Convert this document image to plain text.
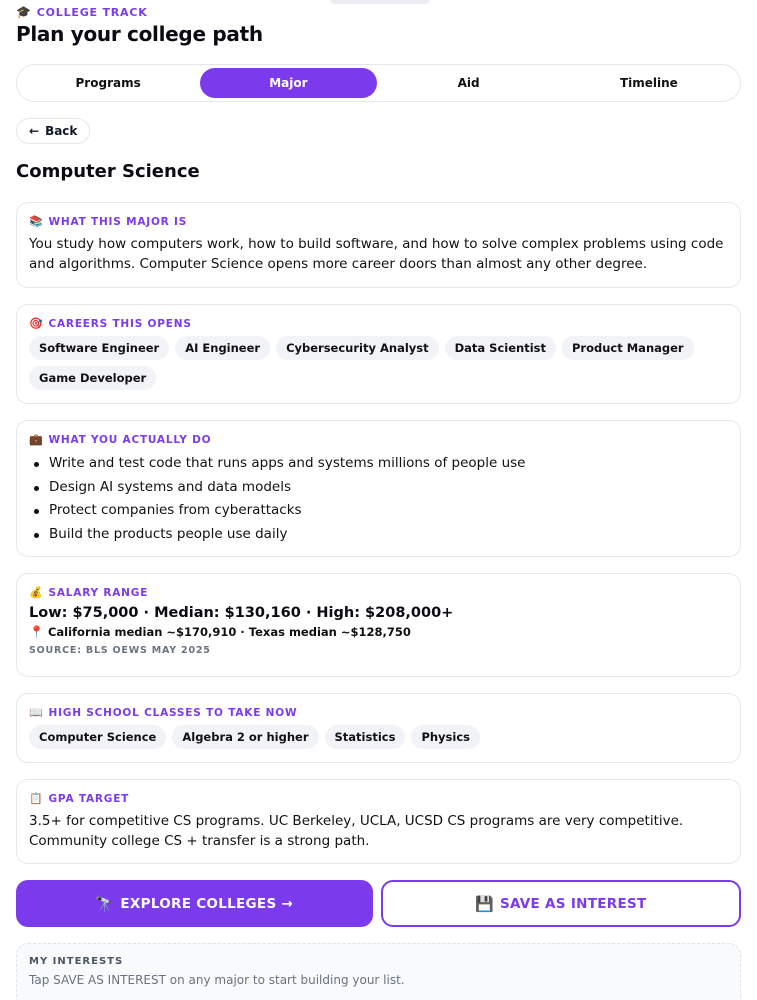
🎓 COLLEGE TRACK
Plan your college path
Programs	Major	Aid	Timeline
← Back
Computer Science
📚 WHAT THIS MAJOR IS
You study how computers work, how to build software, and how to solve complex problems using code and algorithms. Computer Science opens more career doors than almost any other degree.
🎯 CAREERS THIS OPENS
Software Engineer	AI Engineer	Cybersecurity Analyst	Data Scientist	Product Manager
Game Developer
💼 WHAT YOU ACTUALLY DO
Write and test code that runs apps and systems millions of people use
Design AI systems and data models
Protect companies from cyberattacks
Build the products people use daily
💰 SALARY RANGE
Low: $75,000 · Median: $130,160 · High: $208,000+
📍 California median ~$170,910 · Texas median ~$128,750
SOURCE: BLS OEWS MAY 2025
📖 HIGH SCHOOL CLASSES TO TAKE NOW
Computer Science	Algebra 2 or higher	Statistics	Physics
📋 GPA TARGET
3.5+ for competitive CS programs. UC Berkeley, UCLA, UCSD CS programs are very competitive. Community college CS + transfer is a strong path.
🔭 EXPLORE COLLEGES →	💾 SAVE AS INTEREST
MY INTERESTS
Tap SAVE AS INTEREST on any major to start building your list.
